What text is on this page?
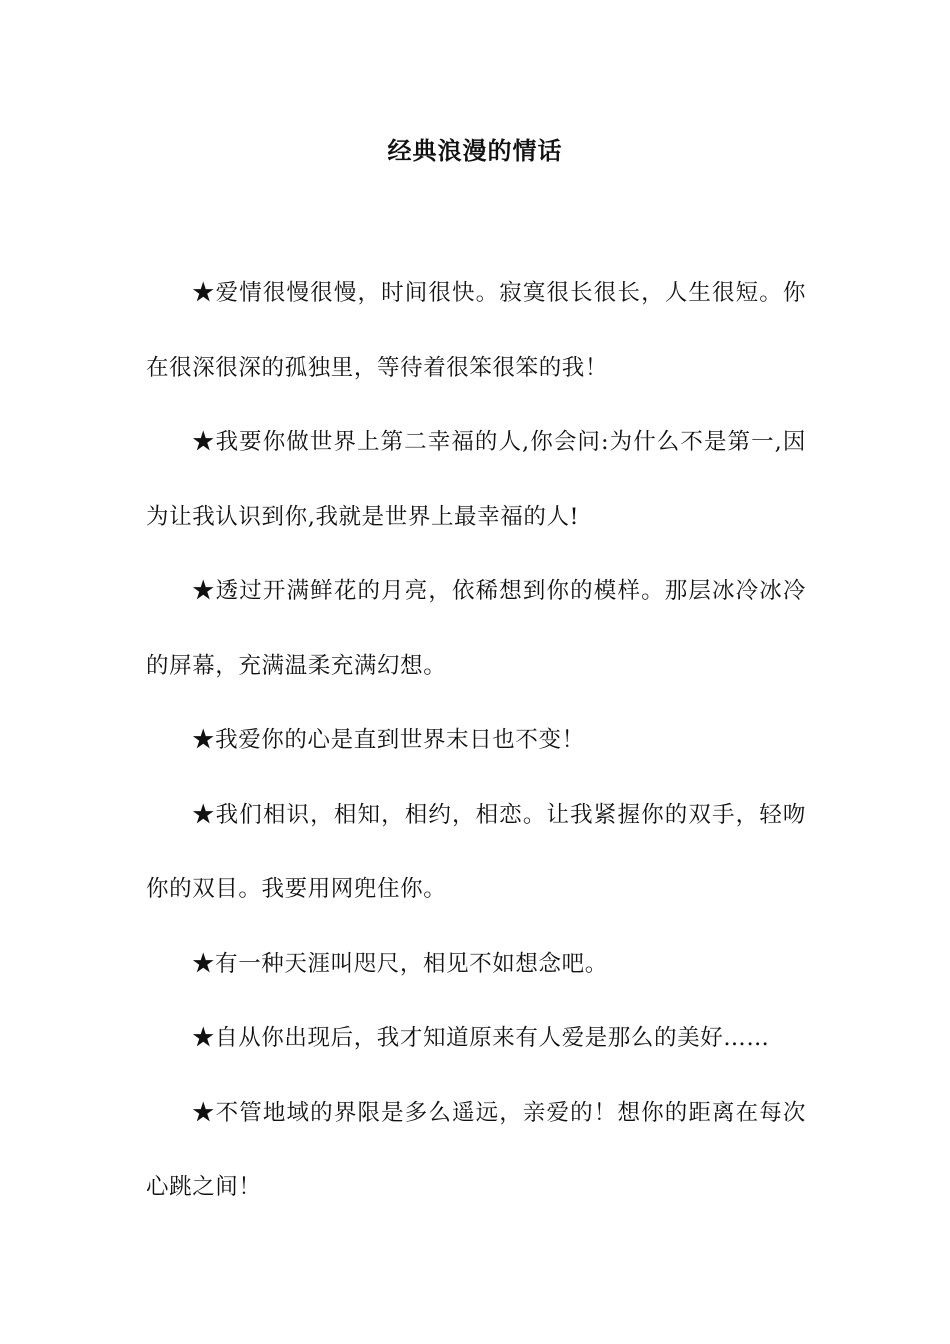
经典浪漫的情话

★爱情很慢很慢，时间很快。寂寞很长很长，人生很短。你在很深很深的孤独里，等待着很笨很笨的我！

★我要你做世界上第二幸福的人,你会问:为什么不是第一,因为让我认识到你,我就是世界上最幸福的人!

★透过开满鲜花的月亮，依稀想到你的模样。那层冰冷冰冷的屏幕，充满温柔充满幻想。

★我爱你的心是直到世界末日也不变！

★我们相识，相知，相约，相恋。让我紧握你的双手，轻吻你的双目。我要用网兜住你。

★有一种天涯叫咫尺，相见不如想念吧。

★自从你出现后，我才知道原来有人爱是那么的美好……

★不管地域的界限是多么遥远，亲爱的！想你的距离在每次心跳之间！
